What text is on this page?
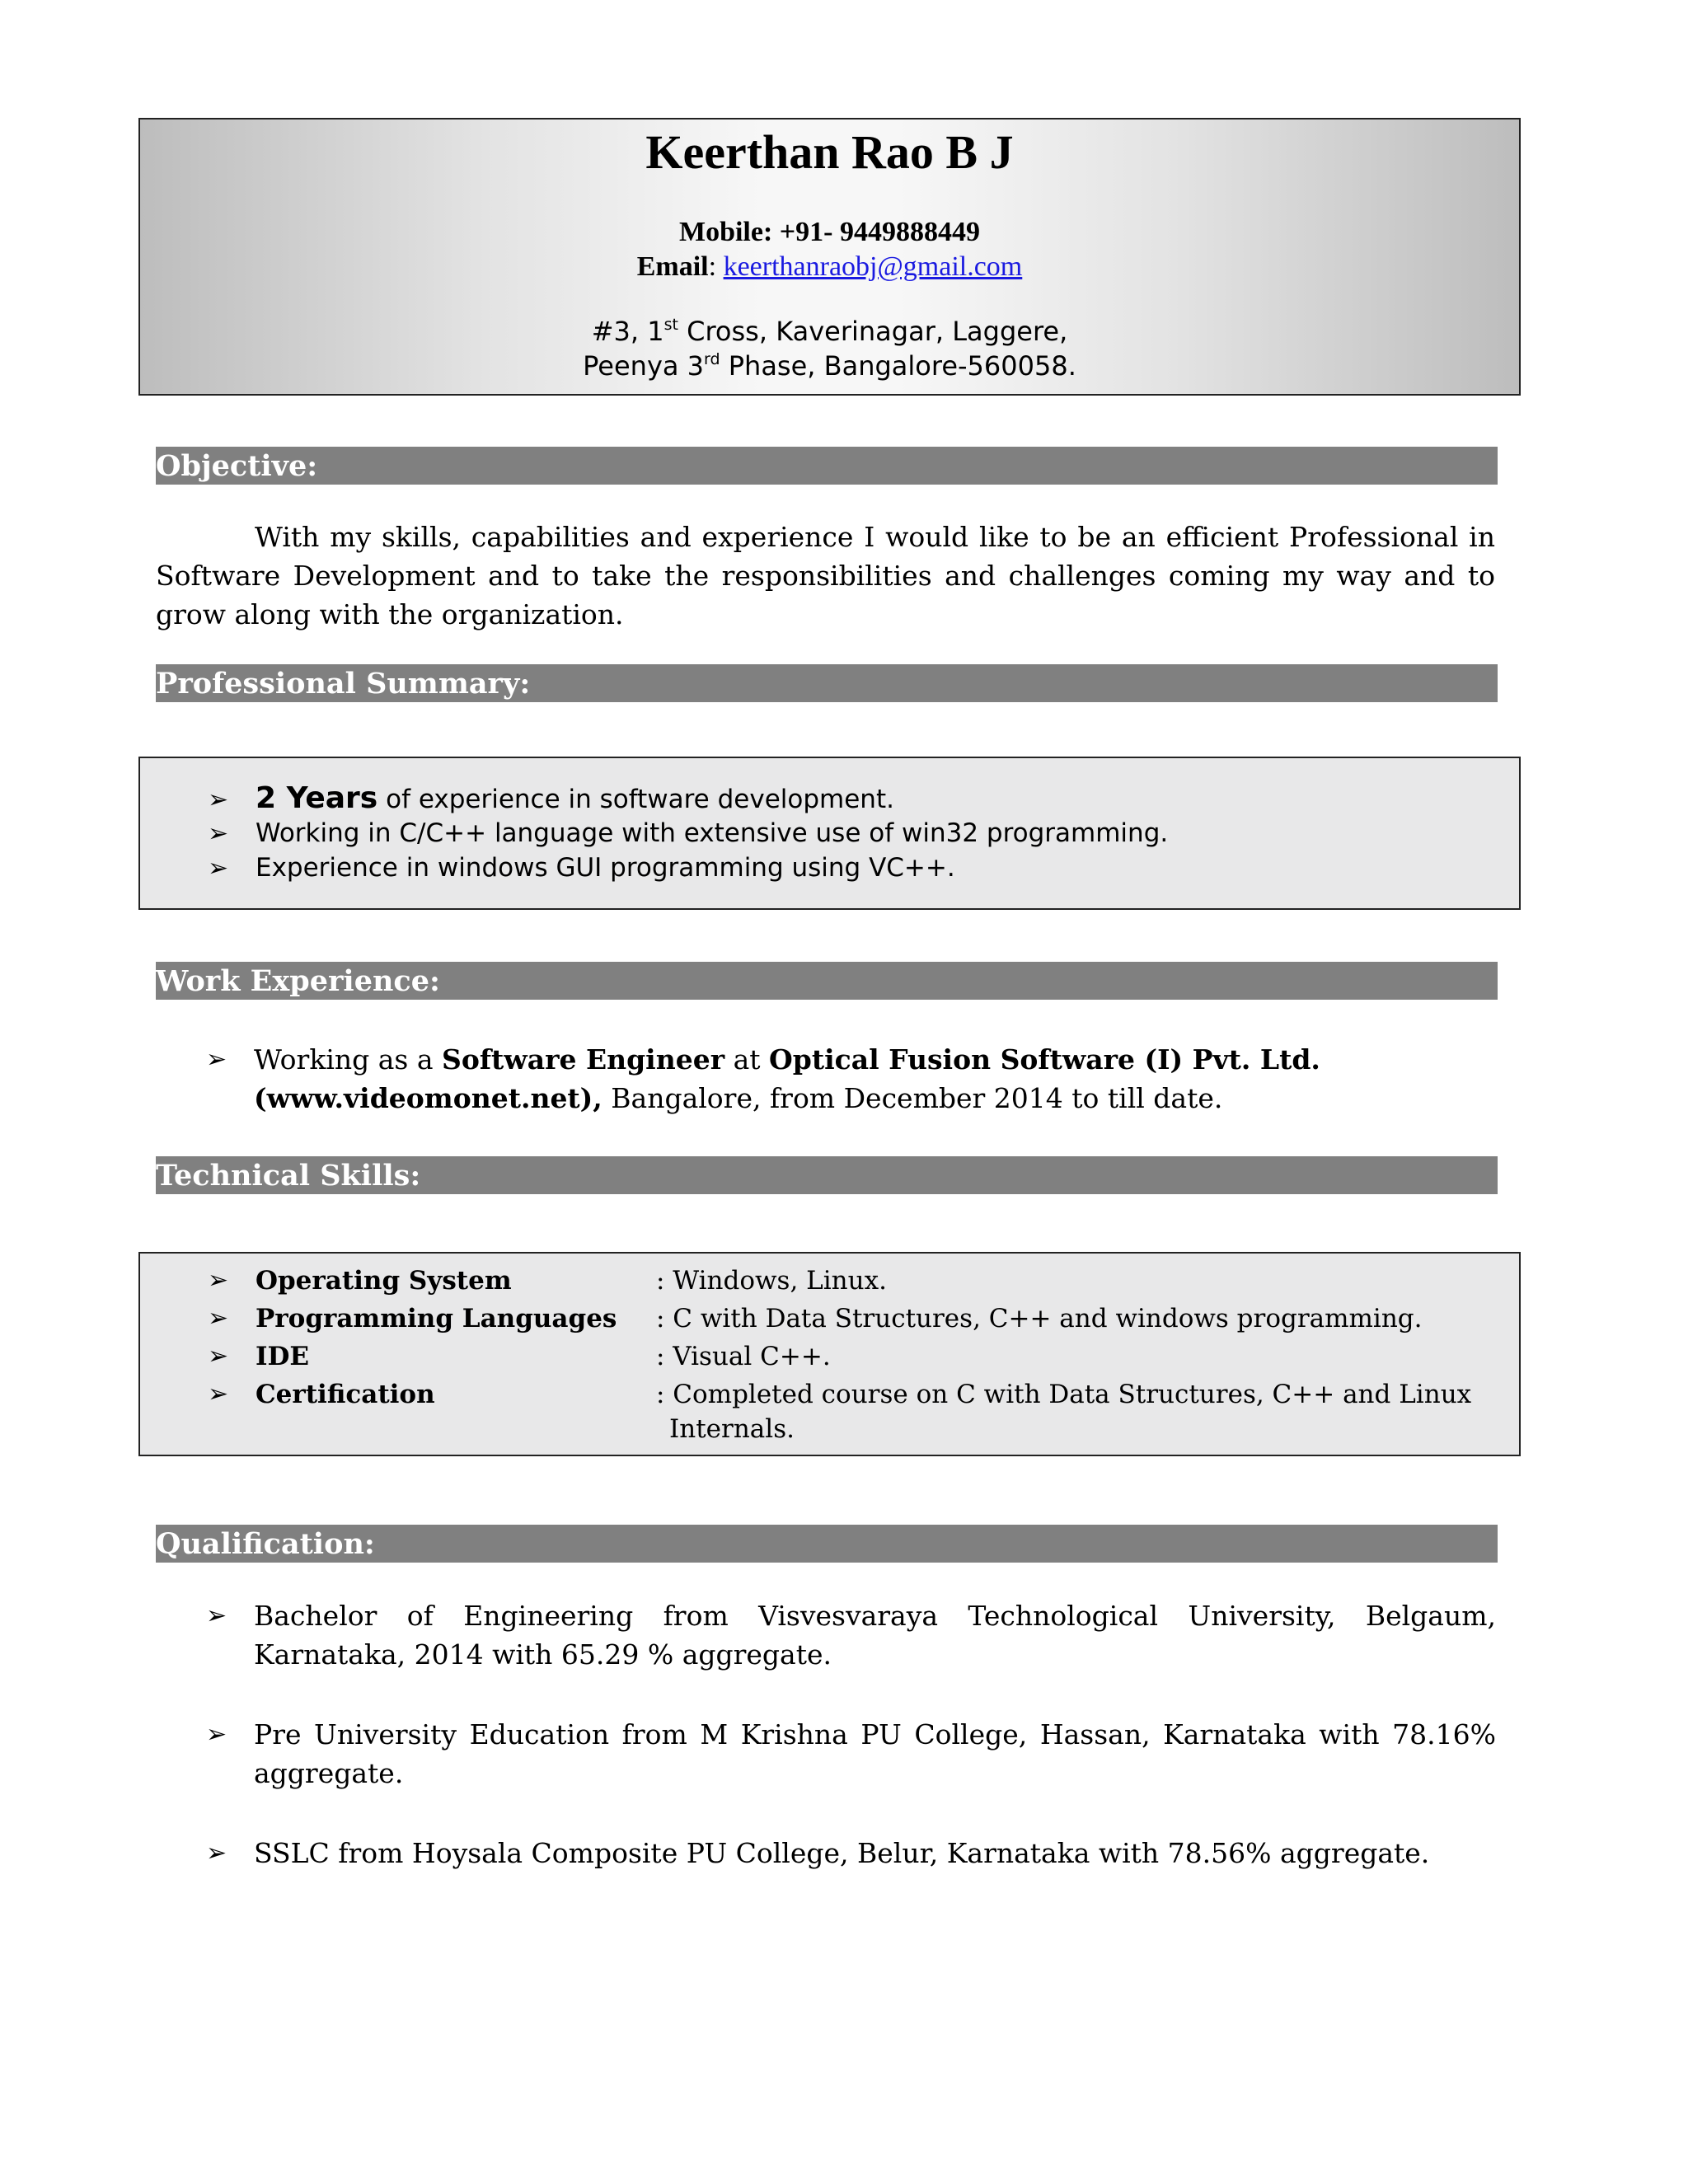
Keerthan Rao B J
Mobile: +91- 9449888449
Email: keerthanraobj@gmail.com
#3, 1st Cross, Kaverinagar, Laggere,
Peenya 3rd Phase, Bangalore-560058.
Objective:
With my skills, capabilities and experience I would like to be an efficient Professional in Software Development and to take the responsibilities and challenges coming my way and to grow along with the organization.
Professional Summary:
➢ 2 Years of experience in software development.
➢ Working in C/C++ language with extensive use of win32 programming.
➢ Experience in windows GUI programming using VC++.
Work Experience:
➢ Working as a Software Engineer at Optical Fusion Software (I) Pvt. Ltd.
(www.videomonet.net), Bangalore, from December 2014 to till date.
Technical Skills:
➢	Operating System	: Windows, Linux.
➢	Programming Languages : C with Data Structures, C++ and windows programming.
➢	IDE	: Visual C++.
➢	Certification	: Completed course on C with Data Structures, C++ and Linux
Internals.
Qualification:
➢ Bachelor of Engineering from Visvesvaraya Technological University, Belgaum, Karnataka, 2014 with 65.29 % aggregate.
➢ Pre University Education from M Krishna PU College, Hassan, Karnataka with 78.16% aggregate.
➢ SSLC from Hoysala Composite PU College, Belur, Karnataka with 78.56% aggregate.
